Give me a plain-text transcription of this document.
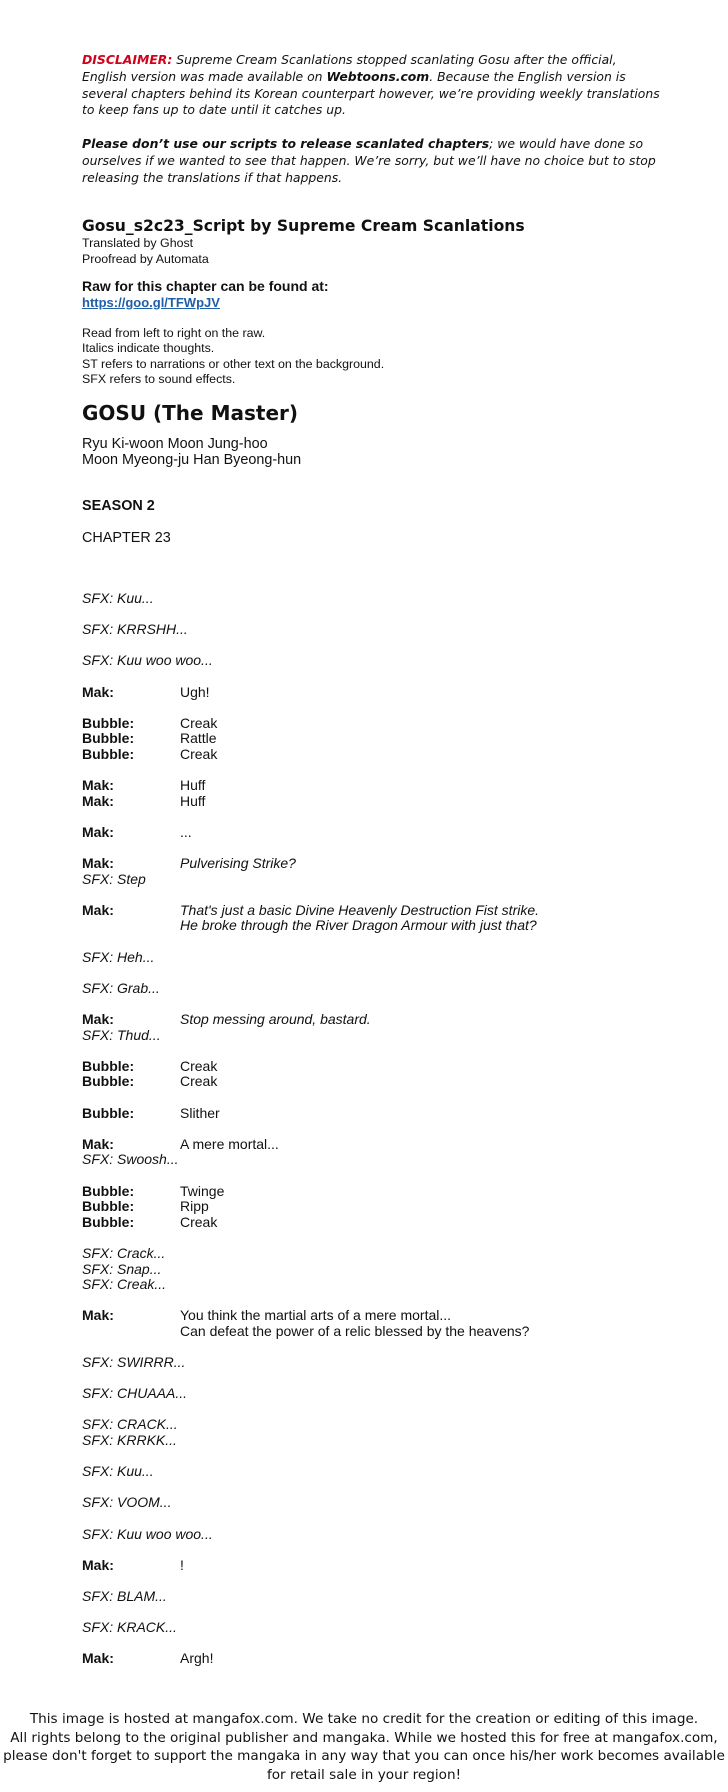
DISCLAIMER: Supreme Cream Scanlations stopped scanlating Gosu after the official, English version was made available on Webtoons.com. Because the English version is several chapters behind its Korean counterpart however, we’re providing weekly translations to keep fans up to date until it catches up.

Please don’t use our scripts to release scanlated chapters; we would have done so ourselves if we wanted to see that happen. We’re sorry, but we’ll have no choice but to stop releasing the translations if that happens.

Gosu_s2c23_Script by Supreme Cream Scanlations

Translated by Ghost

Proofread by Automata

Raw for this chapter can be found at:

https://goo.gl/TFWpJV

Read from left to right on the raw.

Italics indicate thoughts.

ST refers to narrations or other text on the background.

SFX refers to sound effects.

GOSU (The Master)

Ryu Ki-woon Moon Jung-hoo

Moon Myeong-ju Han Byeong-hun

SEASON 2

CHAPTER 23

SFX: Kuu...
SFX: KRRSHH...
SFX: Kuu woo woo...
Mak:	Ugh!
Bubble:	Creak
Bubble:	Rattle
Bubble:	Creak
Mak:	Huff
Mak:	Huff
Mak:	...
Mak:	Pulverising Strike?
SFX: Step
Mak:	That's just a basic Divine Heavenly Destruction Fist strike.
He broke through the River Dragon Armour with just that?
SFX: Heh...
SFX: Grab...
Mak:	Stop messing around, bastard.
SFX: Thud...
Bubble:	Creak
Bubble:	Creak
Bubble:	Slither
Mak:	A mere mortal...
SFX: Swoosh...
Bubble:	Twinge
Bubble:	Ripp
Bubble:	Creak
SFX: Crack...
SFX: Snap...
SFX: Creak...
Mak:	You think the martial arts of a mere mortal...
Can defeat the power of a relic blessed by the heavens?
SFX: SWIRRR...
SFX: CHUAAA...
SFX: CRACK...
SFX: KRRKK...
SFX: Kuu...
SFX: VOOM...
SFX: Kuu woo woo...
Mak:	!
SFX: BLAM...
SFX: KRACK...
Mak:	Argh!
This image is hosted at mangafox.com. We take no credit for the creation or editing of this image.
All rights belong to the original publisher and mangaka. While we hosted this for free at mangafox.com,
please don't forget to support the mangaka in any way that you can once his/her work becomes available
for retail sale in your region!
